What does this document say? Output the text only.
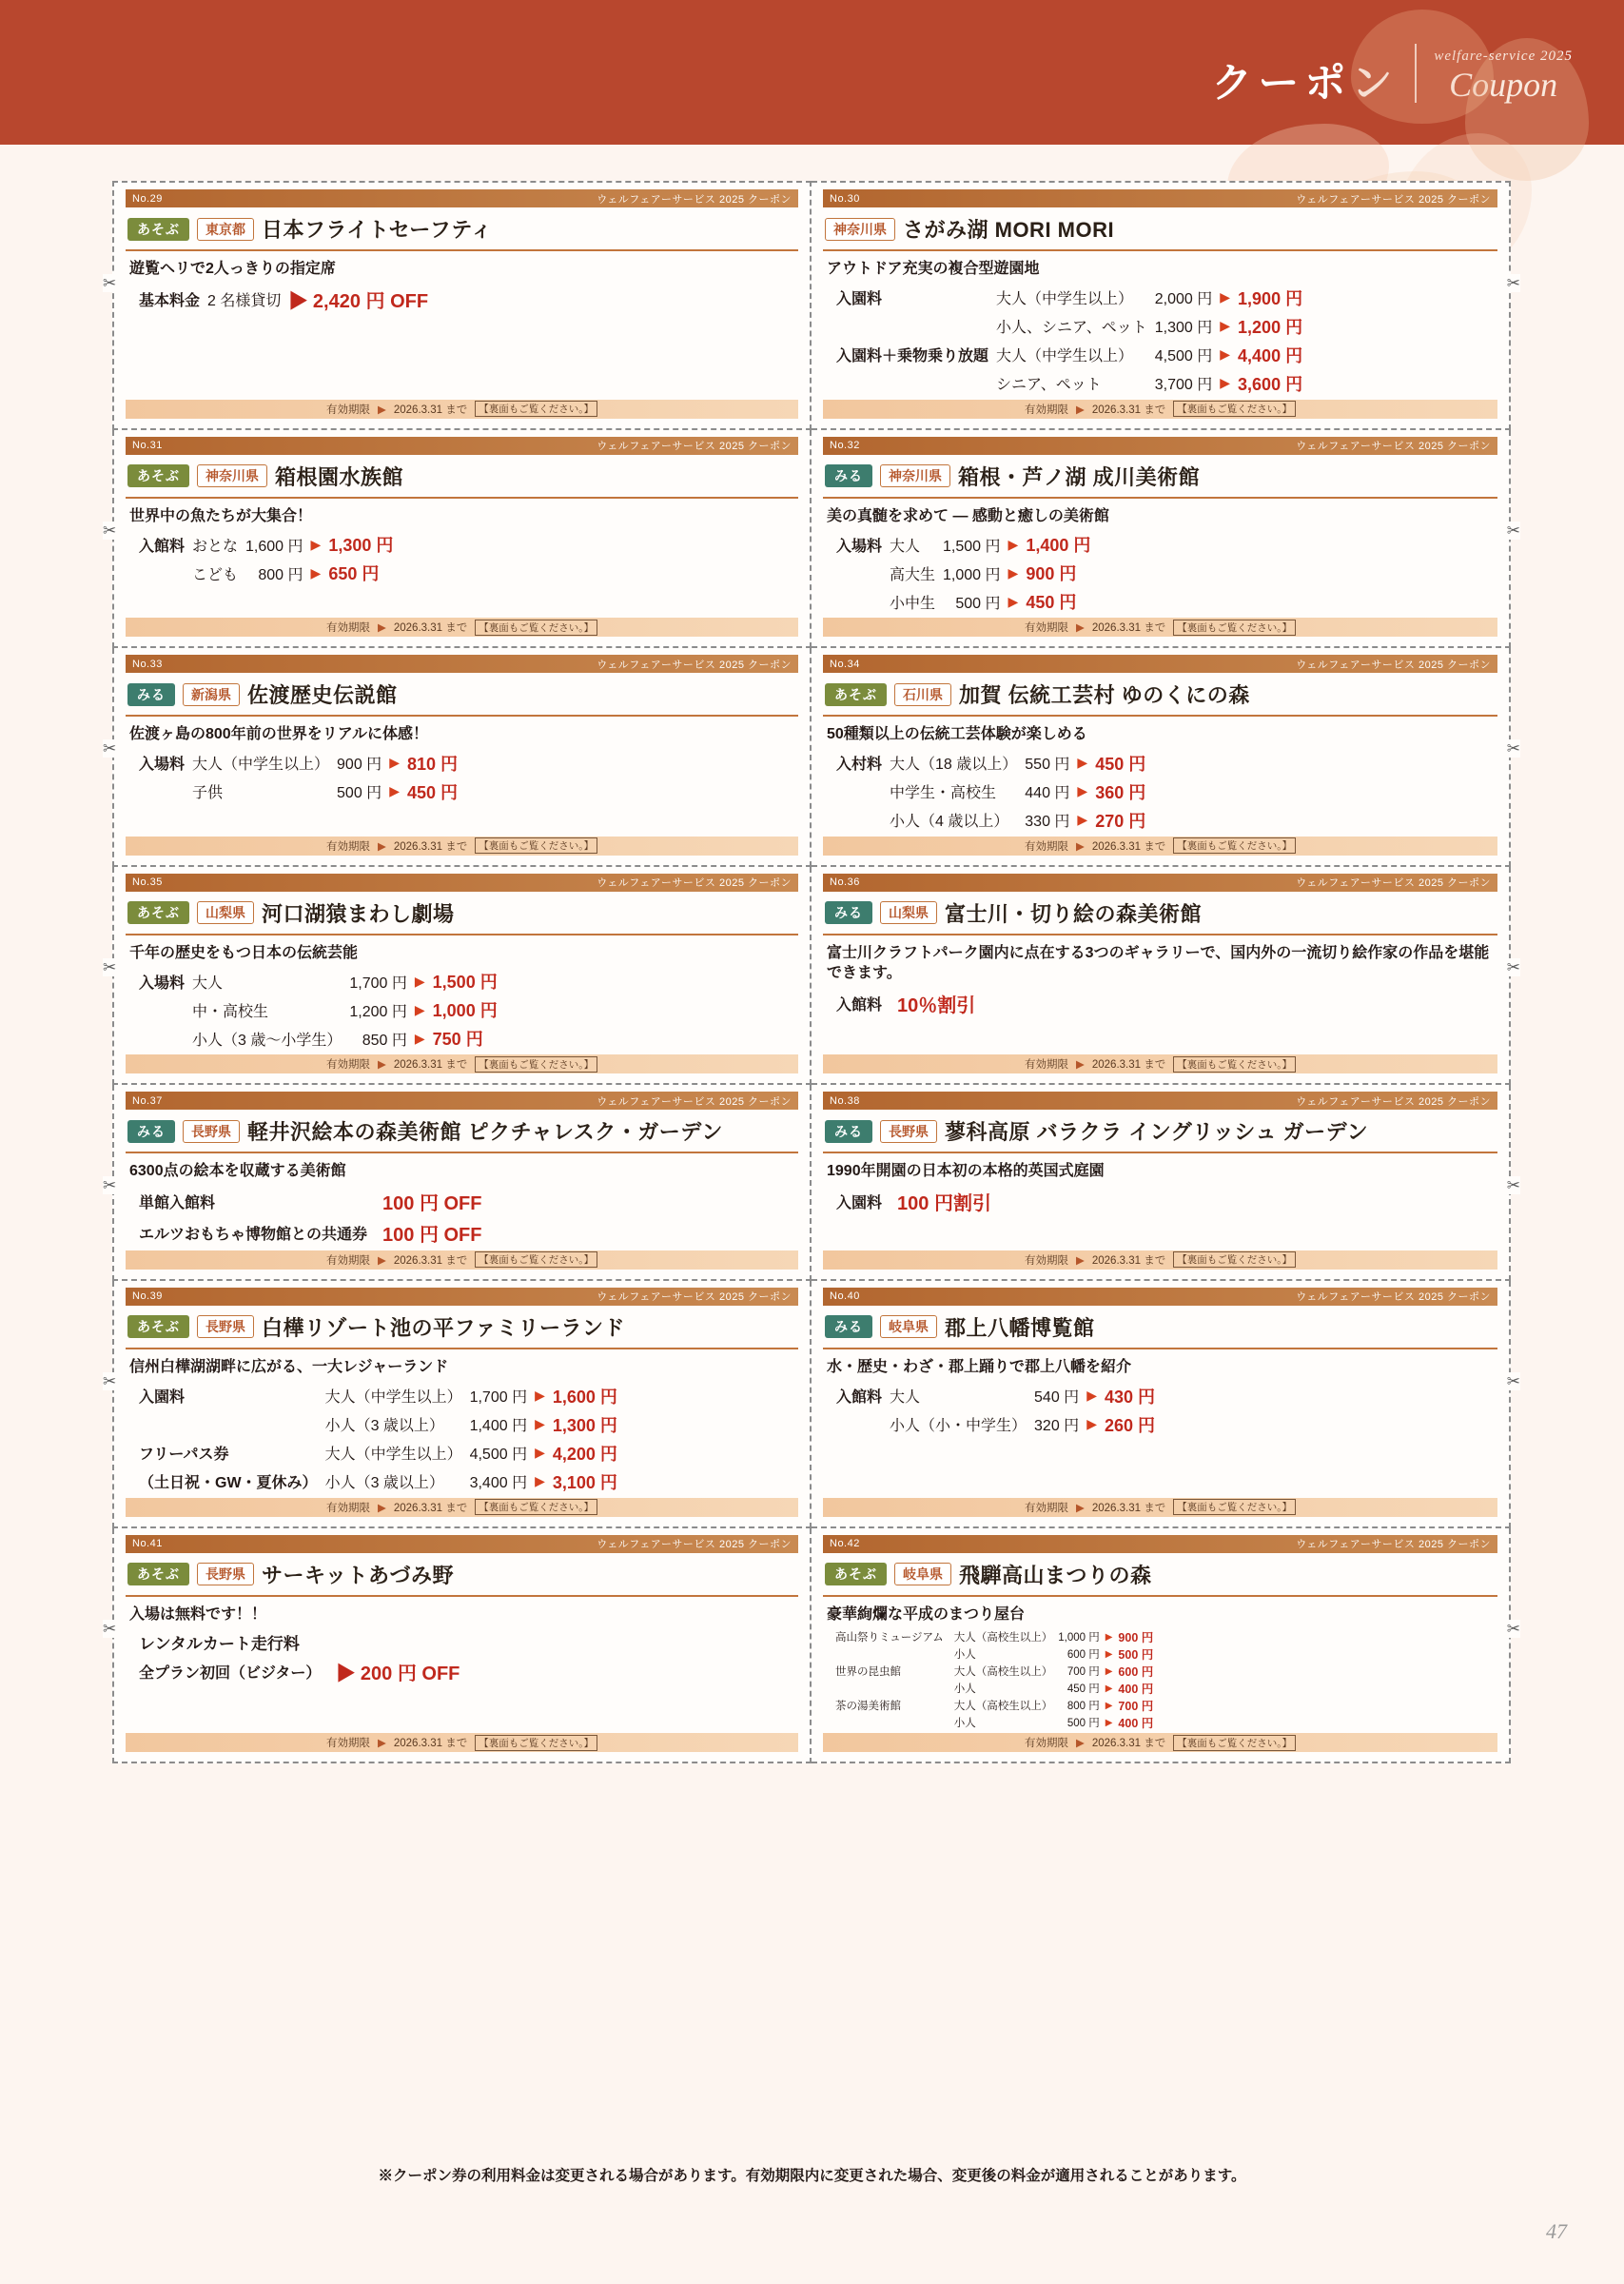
クーポン
welfare-service 2025
Coupon
✂
No.29	ウェルフェアーサービス 2025 クーポン
あそぶ	東京都 日本フライトセーフティ
遊覧ヘリで2人っきりの指定席
基本料金	2 名様貸切	▶ 2,420 円 OFF
有効期限 ▶ 2026.3.31 まで	【裏面もご覧ください。】
✂
No.30	ウェルフェアーサービス 2025 クーポン
神奈川県 さがみ湖 MORI MORI
アウトドア充実の複合型遊園地
入園料	大人（中学生以上）	2,000 円	▶	1,900 円
	小人、シニア、ペット	1,300 円	▶	1,200 円
入園料＋乗物乗り放題	大人（中学生以上）	4,500 円	▶	4,400 円
	シニア、ペット	3,700 円	▶	3,600 円
有効期限 ▶ 2026.3.31 まで	【裏面もご覧ください。】
✂
No.31	ウェルフェアーサービス 2025 クーポン
あそぶ	神奈川県 箱根園水族館
世界中の魚たちが大集合！
入館料	おとな	1,600 円	▶	1,300 円
	こども	800 円	▶	650 円
有効期限 ▶ 2026.3.31 まで	【裏面もご覧ください。】
✂
No.32	ウェルフェアーサービス 2025 クーポン
みる	神奈川県 箱根・芦ノ湖 成川美術館
美の真髄を求めて ― 感動と癒しの美術館
入場料	大人	1,500 円	▶	1,400 円
	高大生	1,000 円	▶	900 円
	小中生	500 円	▶	450 円
有効期限 ▶ 2026.3.31 まで	【裏面もご覧ください。】
✂
No.33	ウェルフェアーサービス 2025 クーポン
みる	新潟県 佐渡歴史伝説館
佐渡ヶ島の800年前の世界をリアルに体感！
入場料	大人（中学生以上）	900 円	▶	810 円
	子供	500 円	▶	450 円
有効期限 ▶ 2026.3.31 まで	【裏面もご覧ください。】
✂
No.34	ウェルフェアーサービス 2025 クーポン
あそぶ	石川県 加賀 伝統工芸村 ゆのくにの森
50種類以上の伝統工芸体験が楽しめる
入村料	大人（18 歳以上）	550 円	▶	450 円
	中学生・高校生	440 円	▶	360 円
	小人（4 歳以上）	330 円	▶	270 円
有効期限 ▶ 2026.3.31 まで	【裏面もご覧ください。】
✂
No.35	ウェルフェアーサービス 2025 クーポン
あそぶ	山梨県 河口湖猿まわし劇場
千年の歴史をもつ日本の伝統芸能
入場料	大人	1,700 円	▶	1,500 円
	中・高校生	1,200 円	▶	1,000 円
	小人（3 歳～小学生）	850 円	▶	750 円
有効期限 ▶ 2026.3.31 まで	【裏面もご覧ください。】
✂
No.36	ウェルフェアーサービス 2025 クーポン
みる	山梨県 富士川・切り絵の森美術館
富士川クラフトパーク園内に点在する3つのギャラリーで、国内外の一流切り絵作家の作品を堪能できます。
入館料		10％割引
有効期限 ▶ 2026.3.31 まで	【裏面もご覧ください。】
✂
No.37	ウェルフェアーサービス 2025 クーポン
みる	長野県 軽井沢絵本の森美術館 ピクチャレスク・ガーデン
6300点の絵本を収蔵する美術館
単館入館料		100 円 OFF
エルツおもちゃ博物館との共通券		100 円 OFF
有効期限 ▶ 2026.3.31 まで	【裏面もご覧ください。】
✂
No.38	ウェルフェアーサービス 2025 クーポン
みる	長野県 蓼科高原 バラクラ イングリッシュ ガーデン
1990年開園の日本初の本格的英国式庭園
入園料		100 円割引
有効期限 ▶ 2026.3.31 まで	【裏面もご覧ください。】
✂
No.39	ウェルフェアーサービス 2025 クーポン
あそぶ	長野県 白樺リゾート池の平ファミリーランド
信州白樺湖湖畔に広がる、一大レジャーランド
入園料	大人（中学生以上）	1,700 円	▶	1,600 円
	小人（3 歳以上）	1,400 円	▶	1,300 円
フリーパス券	大人（中学生以上）	4,500 円	▶	4,200 円
（土日祝・GW・夏休み）	小人（3 歳以上）	3,400 円	▶	3,100 円
有効期限 ▶ 2026.3.31 まで	【裏面もご覧ください。】
✂
No.40	ウェルフェアーサービス 2025 クーポン
みる	岐阜県 郡上八幡博覧館
水・歴史・わざ・郡上踊りで郡上八幡を紹介
入館料	大人	540 円	▶	430 円
	小人（小・中学生）	320 円	▶	260 円
有効期限 ▶ 2026.3.31 まで	【裏面もご覧ください。】
✂
No.41	ウェルフェアーサービス 2025 クーポン
あそぶ	長野県 サーキットあづみ野
入場は無料です！！
レンタルカート走行料
全プラン初回（ビジター）		▶ 200 円 OFF
有効期限 ▶ 2026.3.31 まで	【裏面もご覧ください。】
✂
No.42	ウェルフェアーサービス 2025 クーポン
あそぶ	岐阜県 飛騨高山まつりの森
豪華絢爛な平成のまつり屋台
高山祭りミュージアム	大人（高校生以上）	1,000 円	▶	900 円
	小人	600 円	▶	500 円
世界の昆虫館	大人（高校生以上）	700 円	▶	600 円
	小人	450 円	▶	400 円
茶の湯美術館	大人（高校生以上）	800 円	▶	700 円
	小人	500 円	▶	400 円
有効期限 ▶ 2026.3.31 まで	【裏面もご覧ください。】
※クーポン券の利用料金は変更される場合があります。有効期限内に変更された場合、変更後の料金が適用されることがあります。
47
